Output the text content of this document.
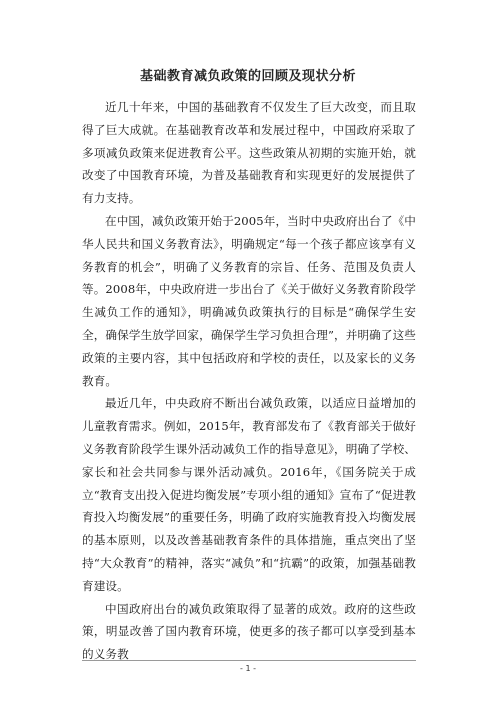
基础教育减负政策的回顾及现状分析

近几十年来，中国的基础教育不仅发生了巨大改变，而且取得了巨大成就。在基础教育改革和发展过程中，中国政府采取了多项减负政策来促进教育公平。这些政策从初期的实施开始，就改变了中国教育环境，为普及基础教育和实现更好的发展提供了有力支持。

在中国，减负政策开始于2005年，当时中央政府出台了《中华人民共和国义务教育法》，明确规定“每一个孩子都应该享有义务教育的机会”，明确了义务教育的宗旨、任务、范围及负责人等。2008年，中央政府进一步出台了《关于做好义务教育阶段学生减负工作的通知》，明确减负政策执行的目标是“确保学生安全，确保学生放学回家，确保学生学习负担合理”，并明确了这些政策的主要内容，其中包括政府和学校的责任，以及家长的义务教育。

最近几年，中央政府不断出台减负政策，以适应日益增加的儿童教育需求。例如，2015年，教育部发布了《教育部关于做好义务教育阶段学生课外活动减负工作的指导意见》，明确了学校、家长和社会共同参与课外活动减负。2016年，《国务院关于成立“教育支出投入促进均衡发展”专项小组的通知》宣布了“促进教育投入均衡发展”的重要任务，明确了政府实施教育投入均衡发展的基本原则，以及改善基础教育条件的具体措施，重点突出了坚持“大众教育”的精神，落实“减负”和“抗霸”的政策，加强基础教育建设。

中国政府出台的减负政策取得了显著的成效。政府的这些政策，明显改善了国内教育环境，使更多的孩子都可以享受到基本的义务教

- 1 -
